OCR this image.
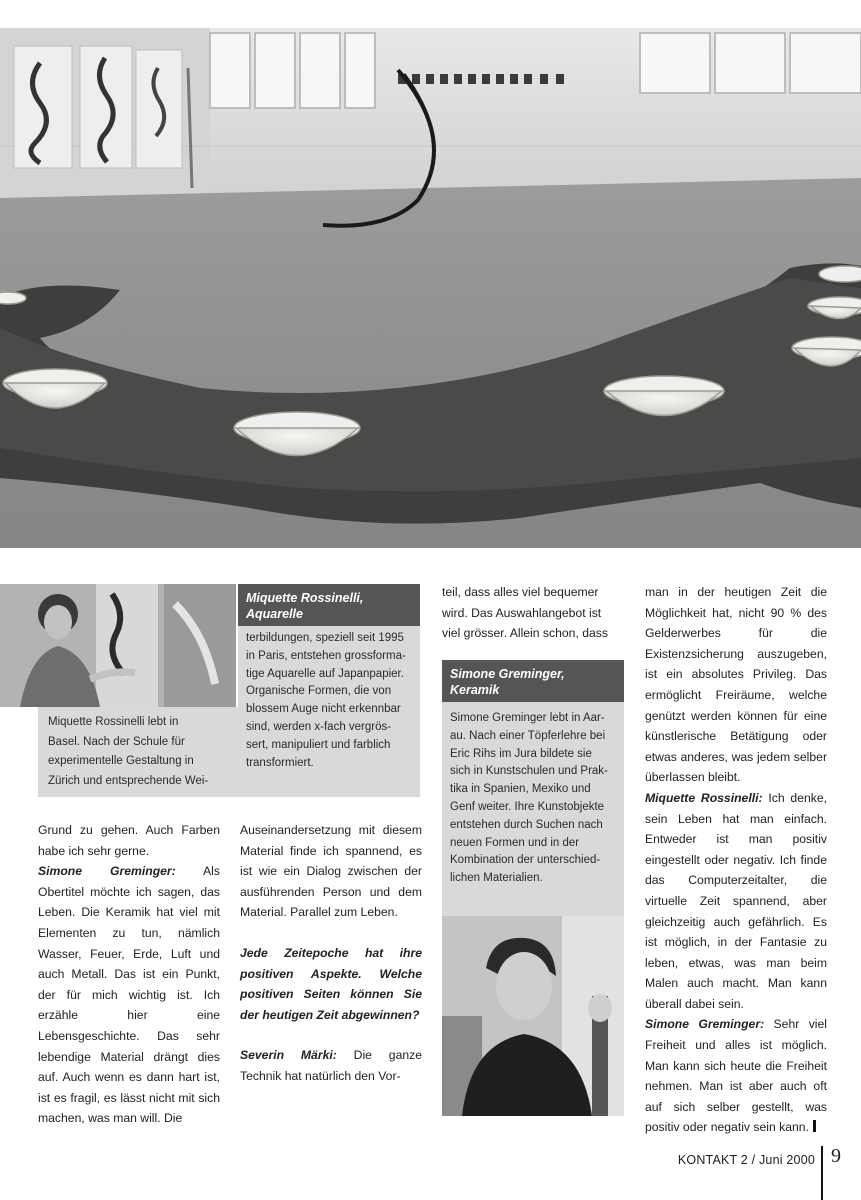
Miquette Rossinelli,
Aquarelle
Miquette Rossinelli lebt in
Basel. Nach der Schule für
experimentelle Gestaltung in
Zürich und entsprechende Wei-
terbildungen, speziell seit 1995
in Paris, entstehen grossforma-
tige Aquarelle auf Japanpapier.
Organische Formen, die von
blossem Auge nicht erkennbar
sind, werden x-fach vergrös-
sert, manipuliert und farblich
transformiert.
teil, dass alles viel bequemer
wird. Das Auswahlangebot ist
viel grösser. Allein schon, dass
Simone Greminger,
Keramik
Simone Greminger lebt in Aar-
au. Nach einer Töpferlehre bei
Eric Rihs im Jura bildete sie
sich in Kunstschulen und Prak-
tika in Spanien, Mexiko und
Genf weiter. Ihre Kunstobjekte
entstehen durch Suchen nach
neuen Formen und in der
Kombination der unterschied-
lichen Materialien.

Grund zu gehen. Auch Farben habe ich sehr gerne.

Simone Greminger: Als Obertitel möchte ich sagen, das Leben. Die Keramik hat viel mit Elementen zu tun, nämlich Wasser, Feuer, Erde, Luft und auch Metall. Das ist ein Punkt, der für mich wichtig ist. Ich erzähle hier eine Lebensgeschichte. Das sehr lebendige Material drängt dies auf. Auch wenn es dann hart ist, ist es fragil, es lässt nicht mit sich machen, was man will. Die

Auseinandersetzung mit diesem Material finde ich spannend, es ist wie ein Dialog zwischen der ausführenden Person und dem Material. Parallel zum Leben.

Jede Zeitepoche hat ihre positiven Aspekte. Welche positiven Seiten können Sie der heutigen Zeit abgewinnen?

Severin Märki: Die ganze Technik hat natürlich den Vor-

man in der heutigen Zeit die Möglichkeit hat, nicht 90 % des Gelderwerbes für die Existenzsicherung auszugeben, ist ein absolutes Privileg. Das ermöglicht Freiräume, welche genützt werden können für eine künstlerische Betätigung oder etwas anderes, was jedem selber überlassen bleibt.

Miquette Rossinelli: Ich denke, sein Leben hat man einfach. Entweder ist man positiv eingestellt oder negativ. Ich finde das Computerzeitalter, die virtuelle Zeit spannend, aber gleichzeitig auch gefährlich. Es ist möglich, in der Fantasie zu leben, etwas, was man beim Malen auch macht. Man kann überall dabei sein.

Simone Greminger: Sehr viel Freiheit und alles ist möglich. Man kann sich heute die Freiheit nehmen. Man ist aber auch oft auf sich selber gestellt, was positiv oder negativ sein kann.

KONTAKT 2 / Juni 2000 9
